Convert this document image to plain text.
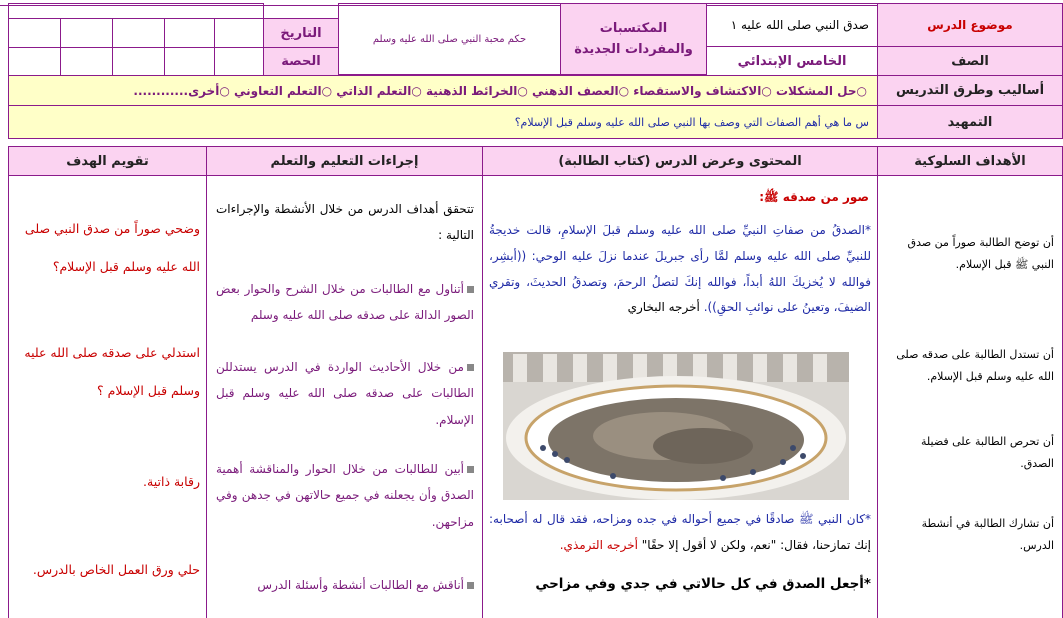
موضوع الدرس
صدق النبي صلى الله عليه ١
المكتسبات
والمفردات الجديدة
حكم محبة النبي صلى الله عليه وسلم
التاريخ
الحصة	الصف
الخامس الإبتدائي
أساليب وطرق التدريس
○حل المشكلات ○الاكتشاف والاستقصاء ○العصف الذهني ○الخرائط الذهنية ○التعلم الذاتي ○التعلم التعاوني ○أخرى............
التمهيد
س ما هي أهم الصفات التي وصف بها النبي صلى الله عليه وسلم قبل الإسلام؟
الأهداف السلوكية
المحتوى وعرض الدرس (كتاب الطالبة)
إجراءات التعليم والتعلم
تقويم الهدف
أن توضح الطالبة صوراً من صدق النبي ﷺ قبل الإسلام.
أن تستدل الطالبة على صدقه صلى الله عليه وسلم قبل الإسلام.
أن تحرص الطالبة على فضيلة الصدق.
أن تشارك الطالبة في أنشطة الدرس.
صور من صدقه ﷺ:
*الصدقُ من صفاتِ النبيِّ صلى الله عليه وسلم قبلَ الإسلامِ، قالت خديجةُ للنبيِّ صلى الله عليه وسلم لمَّا رأى جبريلَ عندما نزلَ عليه الوحي: ((أبشِر، فوالله لا يُخزيكَ اللهُ أبداً، فوالله إنكَ لتصلُ الرحمَ، وتصدقُ الحديثَ، وتقري الضيفَ، وتعينُ على نوائبِ الحقِ)). أخرجه البخاري
*كان النبي ﷺ صادقًا في جميع أحواله في جده ومزاحه، فقد قال له أصحابه: إنك تمازحنا، فقال: "نعم، ولكن لا أقول إلا حقًا" أخرجه الترمذي.
*أجعل الصدق في كل حالاتي في جدي وفي مزاحي
تتحقق أهداف الدرس من خلال الأنشطة والإجراءات التالية :
أتناول مع الطالبات من خلال الشرح والحوار بعض الصور الدالة على صدقه صلى الله عليه وسلم
من خلال الأحاديث الواردة في الدرس يستدللن الطالبات على صدقه صلى الله عليه وسلم قبل الإسلام.
أبين للطالبات من خلال الحوار والمناقشة أهمية الصدق وأن يجعلنه في جميع حالاتهن في جدهن وفي مزاحهن.
أناقش مع الطالبات أنشطة وأسئلة الدرس
وضحي صوراً من صدق النبي صلى الله عليه وسلم قبل الإسلام؟
استدلي على صدقه صلى الله عليه وسلم قبل الإسلام ؟
رقابة ذاتية.
حلي ورق العمل الخاص بالدرس.
